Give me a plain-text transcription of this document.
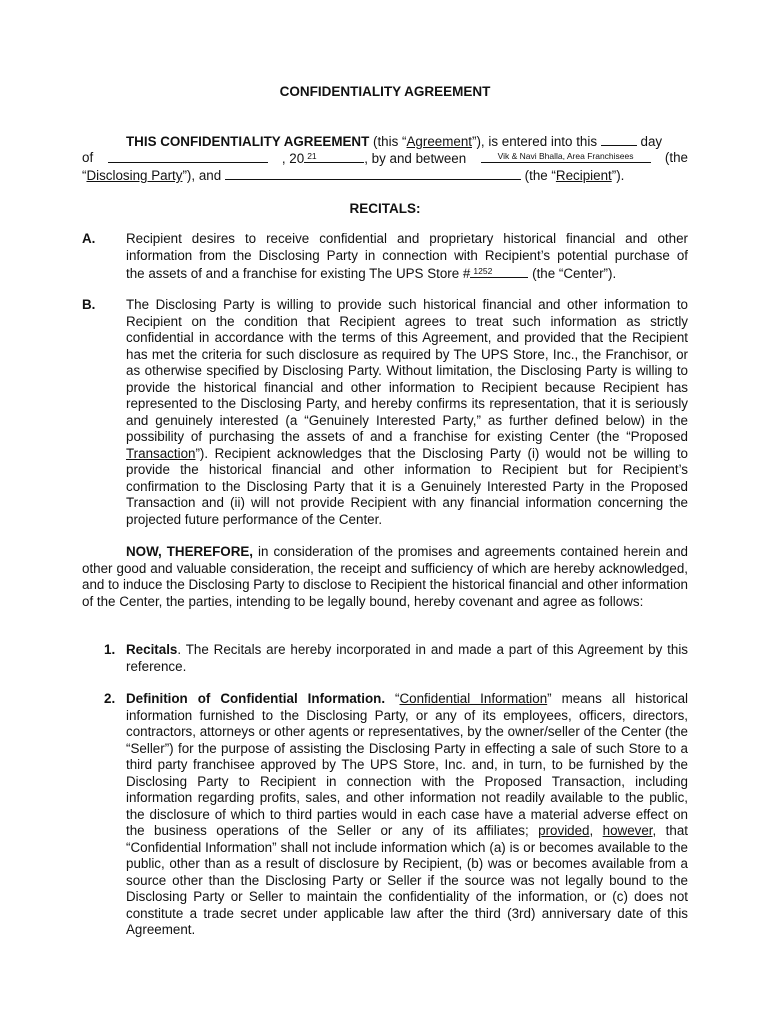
CONFIDENTIALITY AGREEMENT
THIS CONFIDENTIALITY AGREEMENT (this “Agreement”), is entered into this	day
of	, 20 21	, by and between	Vik & Navi Bhalla, Area Franchisees	(the
“Disclosing Party”), and	(the “Recipient”).
RECITALS:
A. Recipient desires to receive confidential and proprietary historical financial and other
information from the Disclosing Party in connection with Recipient’s potential purchase of
the assets of and a franchise for existing The UPS Store # 1252	(the “Center”).
B. The Disclosing Party is willing to provide such historical financial and other information to Recipient on the condition that Recipient agrees to treat such information as strictly confidential in accordance with the terms of this Agreement, and provided that the Recipient has met the criteria for such disclosure as required by The UPS Store, Inc., the Franchisor, or as otherwise specified by Disclosing Party. Without limitation, the Disclosing Party is willing to provide the historical financial and other information to Recipient because Recipient has represented to the Disclosing Party, and hereby confirms its representation, that it is seriously and genuinely interested (a “Genuinely Interested Party,” as further defined below) in the possibility of purchasing the assets of and a franchise for existing Center (the “Proposed Transaction”). Recipient acknowledges that the Disclosing Party (i) would not be willing to provide the historical financial and other information to Recipient but for Recipient’s confirmation to the Disclosing Party that it is a Genuinely Interested Party in the Proposed Transaction and (ii) will not provide Recipient with any financial information concerning the projected future performance of the Center.
NOW, THEREFORE, in consideration of the promises and agreements contained herein and other good and valuable consideration, the receipt and sufficiency of which are hereby acknowledged, and to induce the Disclosing Party to disclose to Recipient the historical financial and other information of the Center, the parties, intending to be legally bound, hereby covenant and agree as follows:
1. Recitals. The Recitals are hereby incorporated in and made a part of this Agreement by this reference.
2. Definition of Confidential Information. “Confidential Information” means all historical information furnished to the Disclosing Party, or any of its employees, officers, directors, contractors, attorneys or other agents or representatives, by the owner/seller of the Center (the “Seller”) for the purpose of assisting the Disclosing Party in effecting a sale of such Store to a third party franchisee approved by The UPS Store, Inc. and, in turn, to be furnished by the Disclosing Party to Recipient in connection with the Proposed Transaction, including information regarding profits, sales, and other information not readily available to the public, the disclosure of which to third parties would in each case have a material adverse effect on the business operations of the Seller or any of its affiliates; provided, however, that “Confidential Information” shall not include information which (a) is or becomes available to the public, other than as a result of disclosure by Recipient, (b) was or becomes available from a source other than the Disclosing Party or Seller if the source was not legally bound to the Disclosing Party or Seller to maintain the confidentiality of the information, or (c) does not constitute a trade secret under applicable law after the third (3rd) anniversary date of this Agreement.
